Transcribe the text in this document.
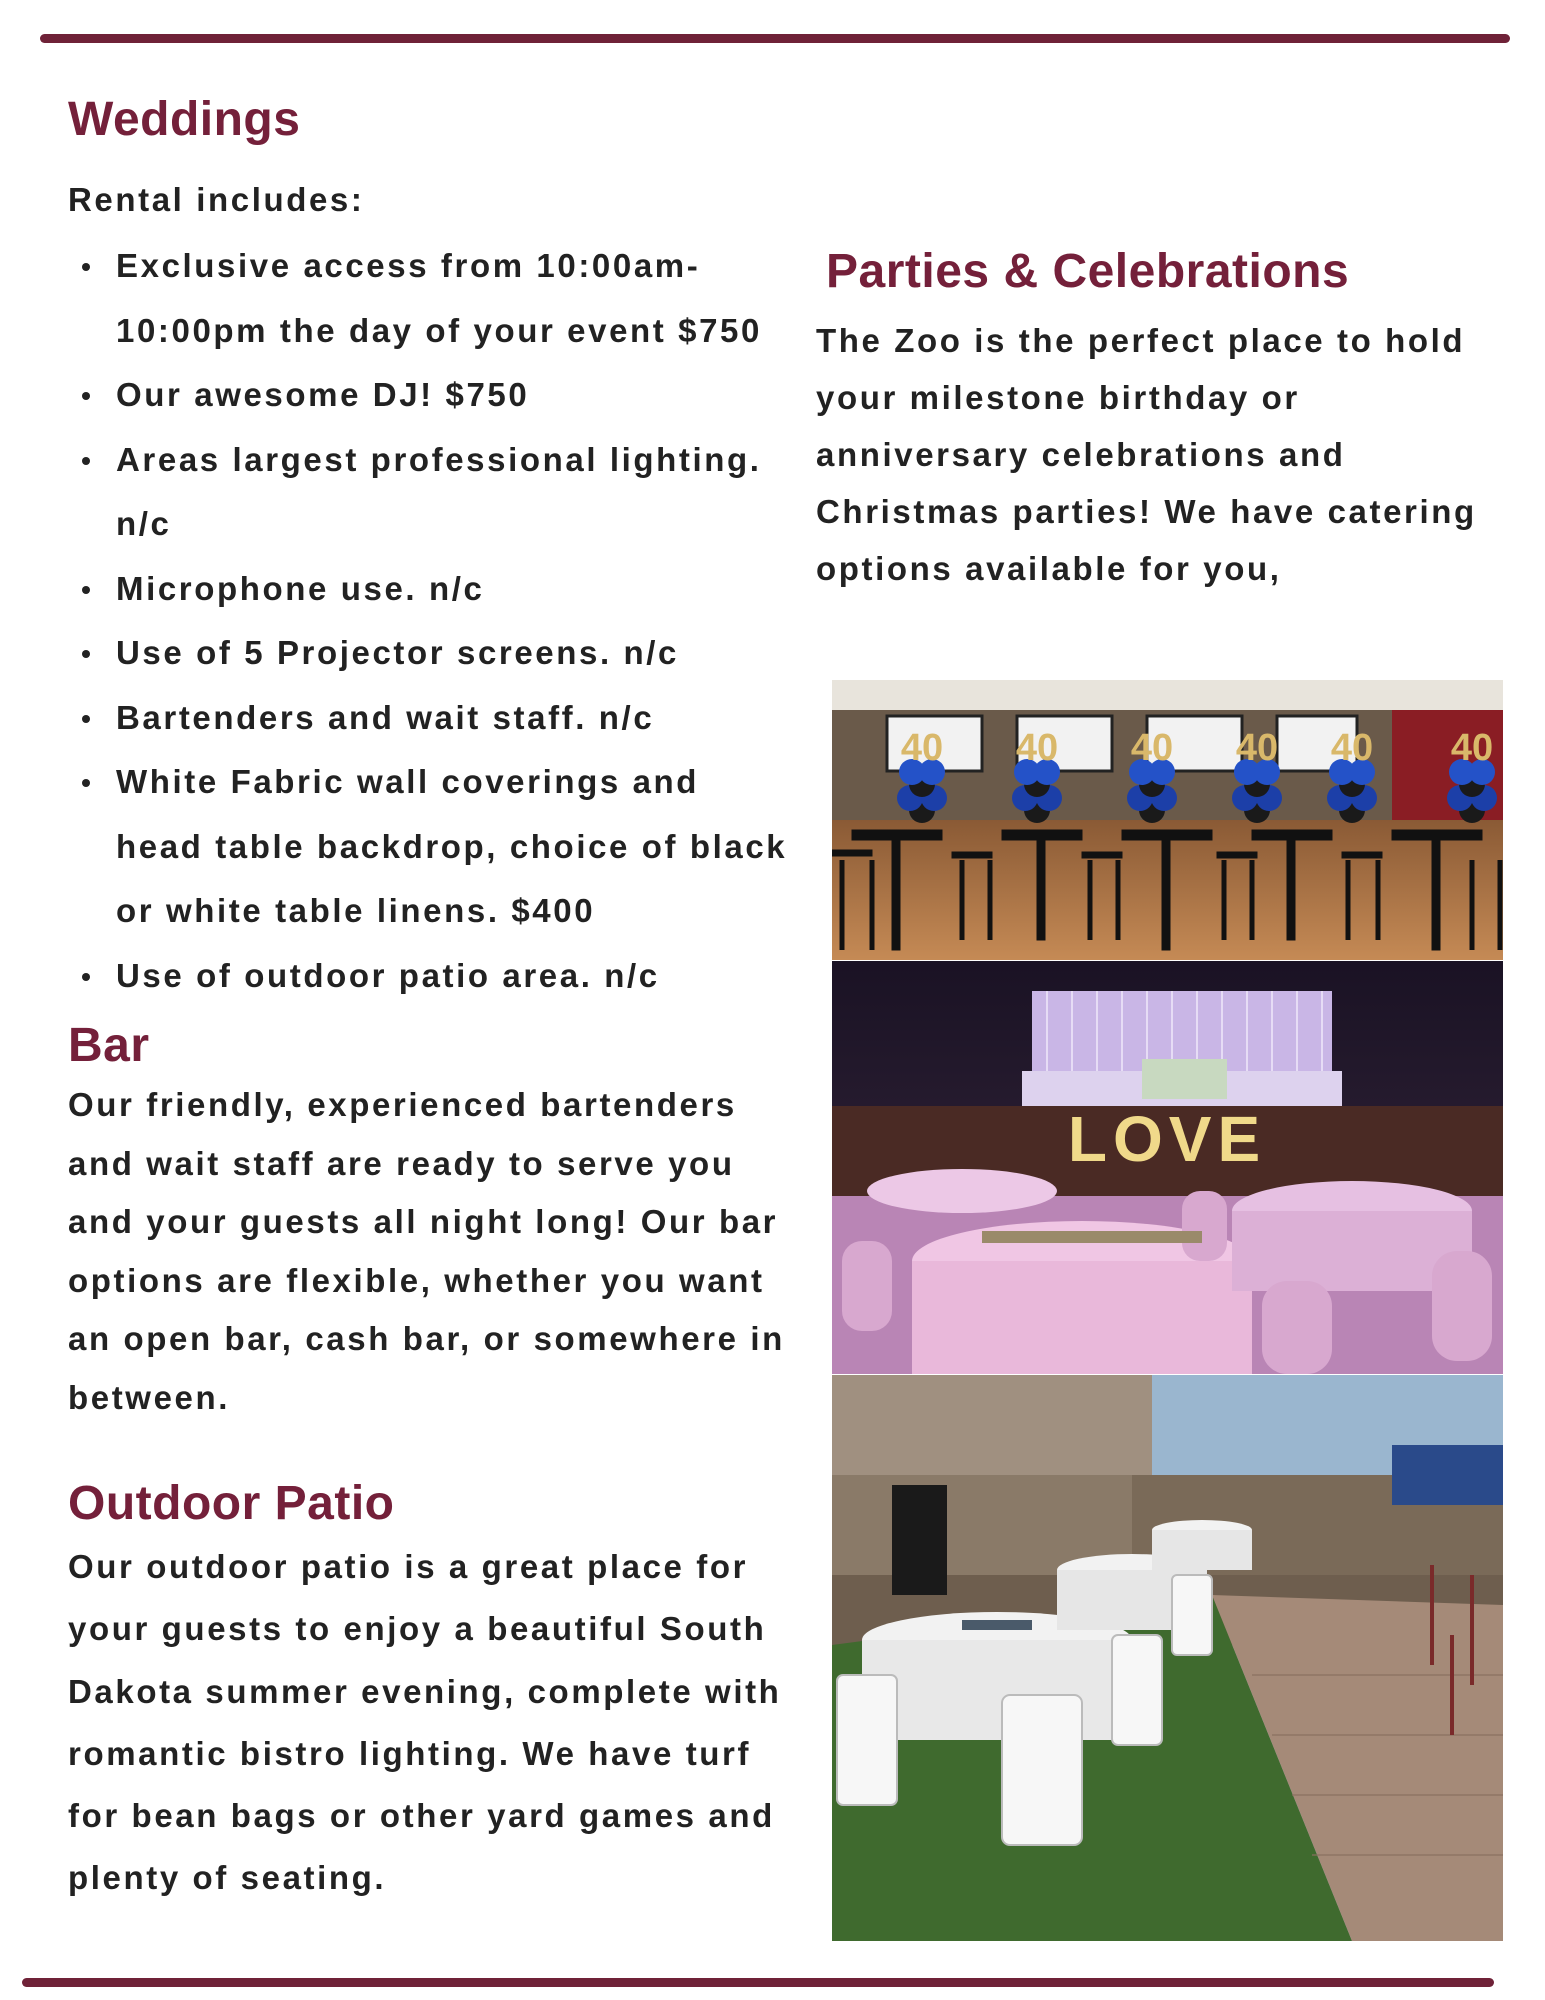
Weddings

Rental includes:

Exclusive access from 10:00am-10:00pm the day of your event $750
Our awesome DJ! $750
Areas largest professional lighting. n/c
Microphone use. n/c
Use of 5 Projector screens. n/c
Bartenders and wait staff. n/c
White Fabric wall coverings and head table backdrop, choice of black or white table linens. $400
Use of outdoor patio area. n/c
Bar

Our friendly, experienced bartenders and wait staff are ready to serve you and your guests all night long! Our bar options are flexible, whether you want an open bar, cash bar, or somewhere in between.

Outdoor Patio

Our outdoor patio is a great place for your guests to enjoy a beautiful South Dakota summer evening, complete with romantic bistro lighting. We have turf for bean bags or other yard games and plenty of seating.

Parties & Celebrations

The Zoo is the perfect place to hold your milestone birthday or anniversary celebrations and Christmas parties! We have catering options available for you,

40 40 40 40 40 40
LOVE
